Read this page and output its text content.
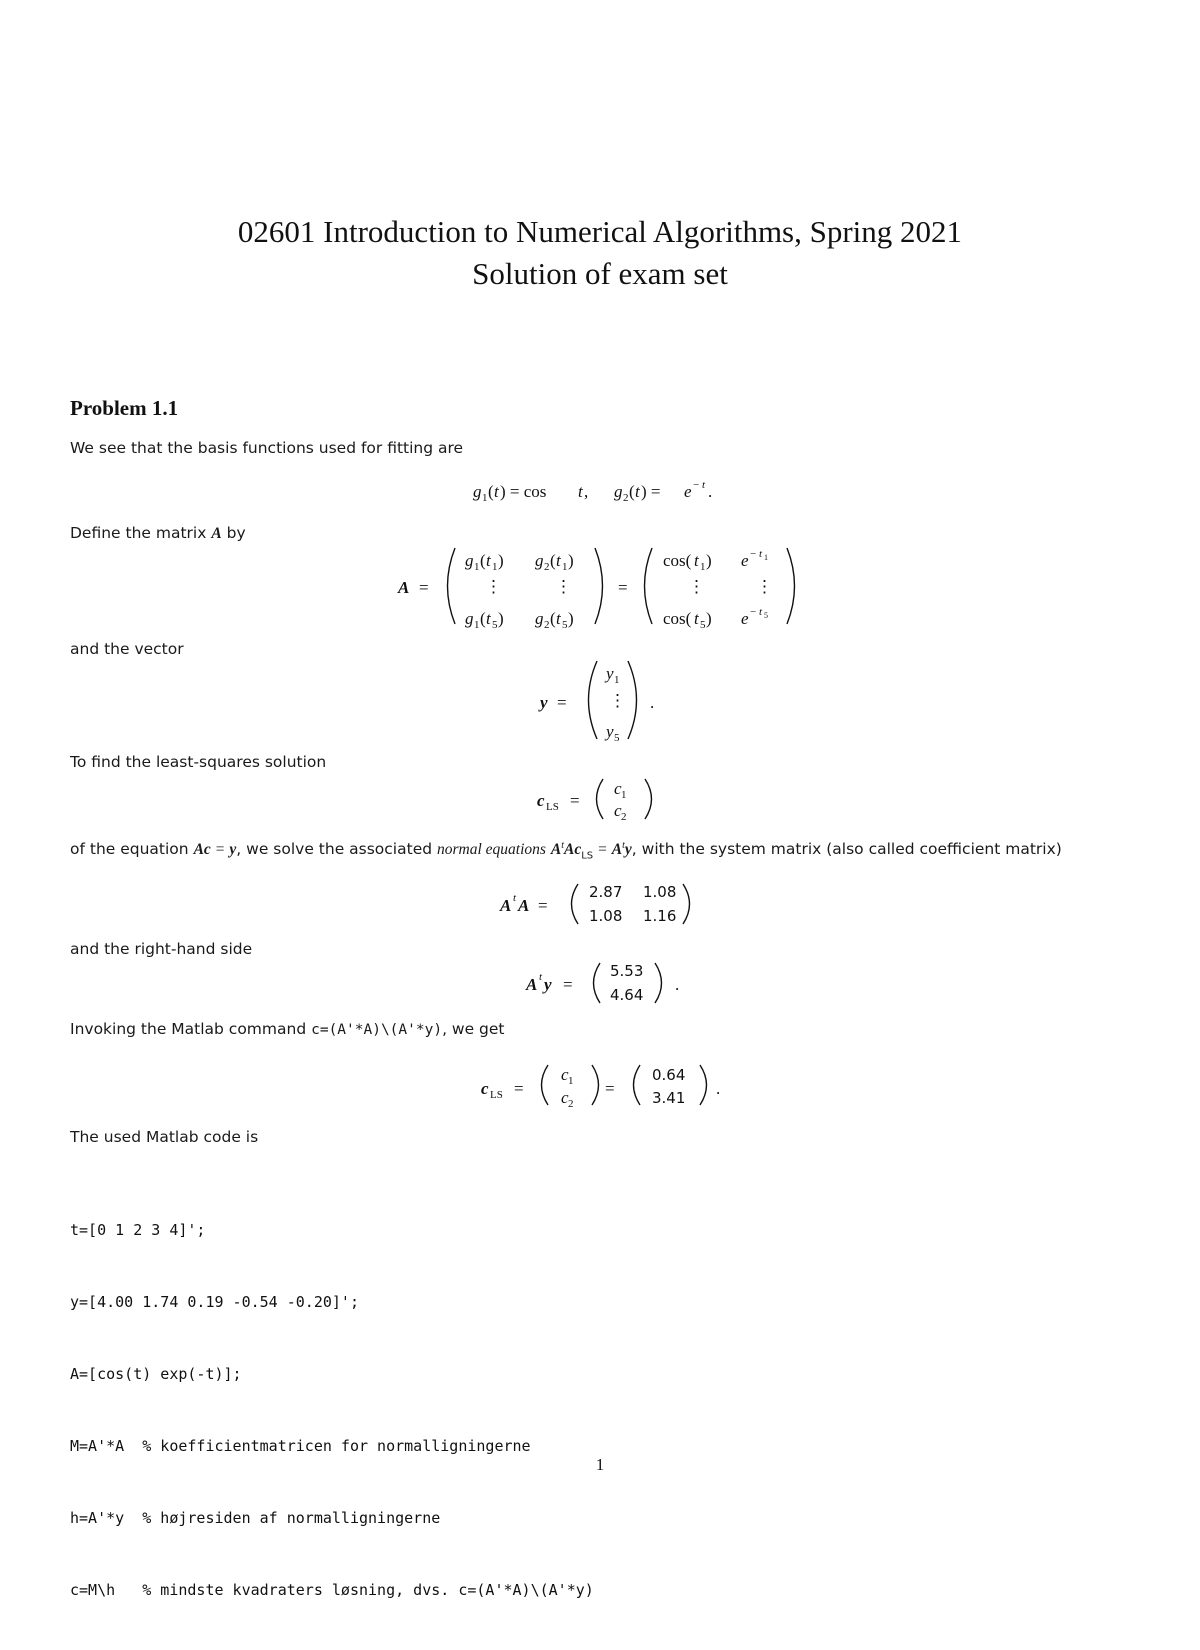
02601 Introduction to Numerical Algorithms, Spring 2021
Solution of exam set
Problem 1.1
We see that the basis functions used for fitting are
g 1 ( t ) = cos t , g 2 ( t ) = e − t .
A =
g 1 ( t 1 ) g 2 ( t 1 )
⋮	⋮
g 1 ( t 5 ) g 2 ( t 5 )
=
cos( t 1 ) e − t 1
⋮	⋮
cos( t 5 ) e − t 5
y =
y 1
⋮
y 5
.
c LS =
c 1
c 2
A t A =
2.87 1.08
1.08 1.16
A t y =
5.53
4.64
.
c LS =
c 1
c 2
=
0.64
3.41 .
Define the matrix A by
and the vector
To find the least-squares solution
of the equation Ac = y, we solve the associated normal equations $A^tAc_{LS} = A^ty$, with the system matrix (also called coefficient matrix)
and the right-hand side
Invoking the Matlab command c=(A'*A)\(A'*y), we get
The used Matlab code is

t=[0 1 2 3 4]';

y=[4.00 1.74 0.19 -0.54 -0.20]';

A=[cos(t) exp(-t)];

M=A'*A  % koefficientmatricen for normalligningerne

h=A'*y  % højresiden af normalligningerne

c=M\h   % mindste kvadraters løsning, dvs. c=(A'*A)\(A'*y)

1
